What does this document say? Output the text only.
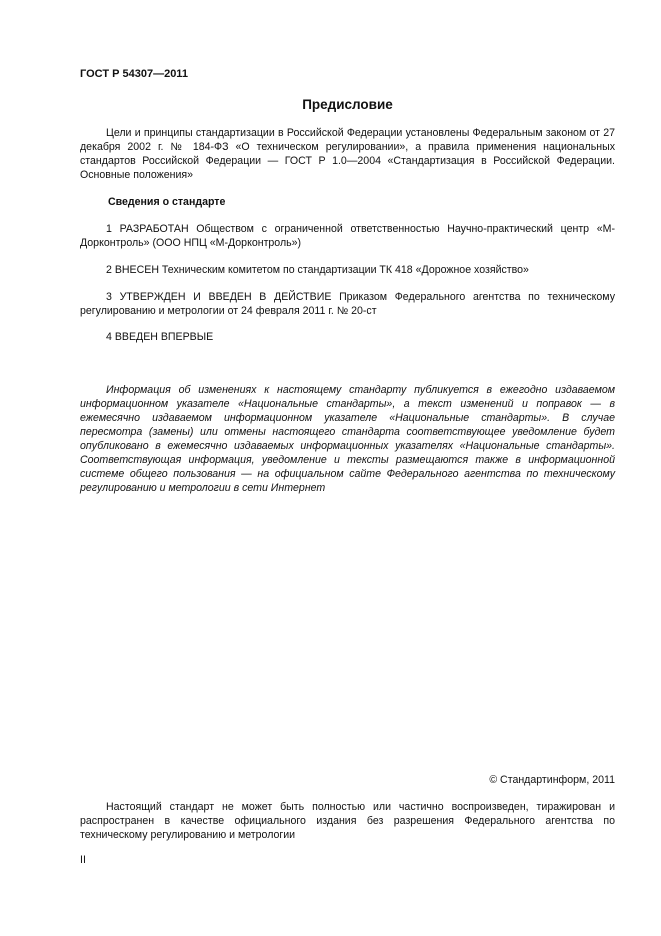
ГОСТ Р 54307—2011
Предисловие
Цели и принципы стандартизации в Российской Федерации установлены Федеральным законом от 27 декабря 2002 г. № 184-ФЗ «О техническом регулировании», а правила применения национальных стандартов Российской Федерации — ГОСТ Р 1.0—2004 «Стандартизация в Российской Федерации. Основные положения»
Сведения о стандарте
1 РАЗРАБОТАН Обществом с ограниченной ответственностью Научно-практический центр «М-Дорконтроль» (ООО НПЦ «М-Дорконтроль»)
2 ВНЕСЕН Техническим комитетом по стандартизации ТК 418 «Дорожное хозяйство»
3 УТВЕРЖДЕН И ВВЕДЕН В ДЕЙСТВИЕ Приказом Федерального агентства по техническому регулированию и метрологии от 24 февраля 2011 г. № 20-ст
4 ВВЕДЕН ВПЕРВЫЕ
Информация об изменениях к настоящему стандарту публикуется в ежегодно издаваемом информационном указателе «Национальные стандарты», а текст изменений и поправок — в ежемесячно издаваемом информационном указателе «Национальные стандарты». В случае пересмотра (замены) или отмены настоящего стандарта соответствующее уведомление будет опубликовано в ежемесячно издаваемых информационных указателях «Национальные стандарты». Соответствующая информация, уведомление и тексты размещаются также в информационной системе общего пользования — на официальном сайте Федерального агентства по техническому регулированию и метрологии в сети Интернет
© Стандартинформ, 2011
Настоящий стандарт не может быть полностью или частично воспроизведен, тиражирован и распространен в качестве официального издания без разрешения Федерального агентства по техническому регулированию и метрологии
II
